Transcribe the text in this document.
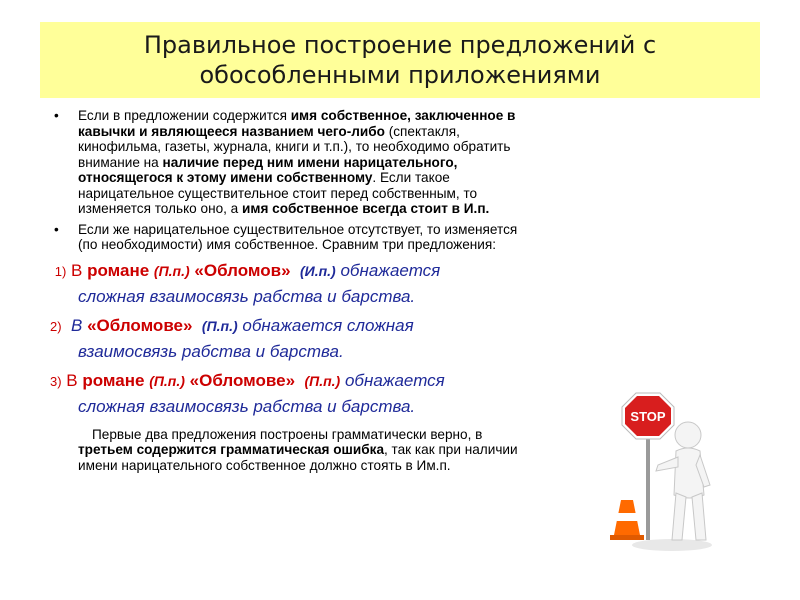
Правильное построение предложений с
обособленными приложениями
• Если в предложении содержится имя собственное, заключенное в кавычки и являющееся названием чего-либо (спектакля, кинофильма, газеты, журнала, книги и т.п.), то необходимо обратить внимание на наличие перед ним имени нарицательного, относящегося к этому имени собственному. Если такое нарицательное существительное стоит перед собственным, то изменяется только оно, а имя собственное всегда стоит в И.п.
• Если же нарицательное существительное отсутствует, то изменяется (по необходимости) имя собственное. Сравним три предложения:
1) В романе (П.п.) «Обломов» (И.п.) обнажается
сложная взаимосвязь рабства и барства.
2) В «Обломове» (П.п.) обнажается сложная
взаимосвязь рабства и барства.
3) В романе (П.п.) «Обломове» (П.п.) обнажается
сложная взаимосвязь рабства и барства.
Первые два предложения построены грамматически верно, в третьем содержится грамматическая ошибка, так как при наличии имени нарицательного собственное должно стоять в Им.п.
STOP
